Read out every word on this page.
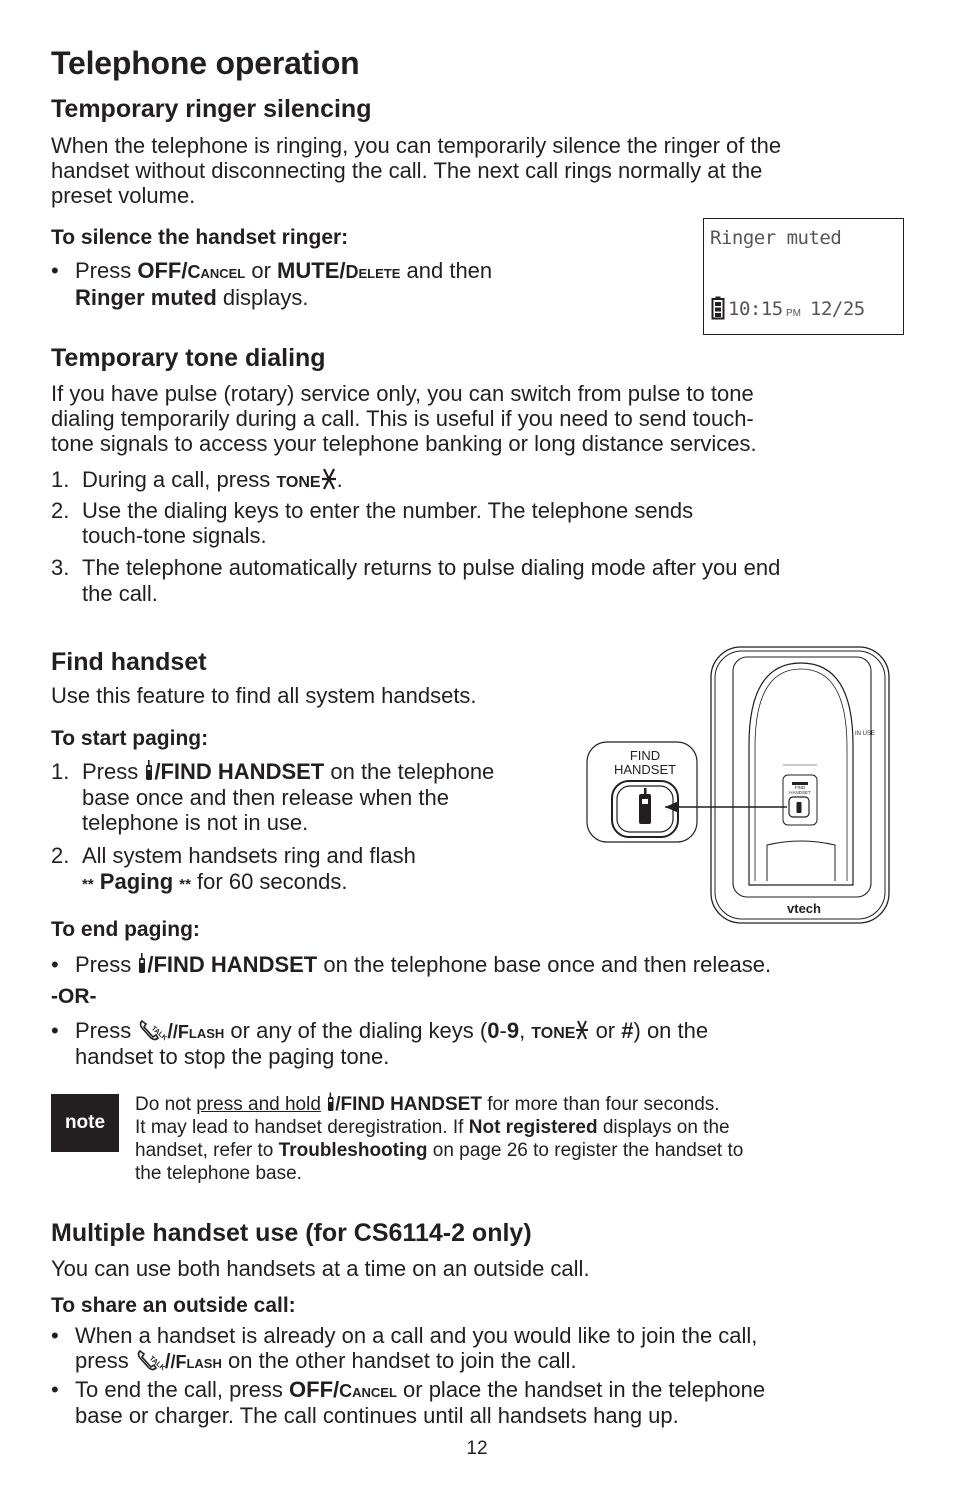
Telephone operation
Temporary ringer silencing
When the telephone is ringing, you can temporarily silence the ringer of the
handset without disconnecting the call. The next call rings normally at the
preset volume.
To silence the handset ringer:
• Press OFF/Cancel or MUTE/Delete and then
Ringer muted displays.
Ringer muted
10:15 PM 12/25
Temporary tone dialing
If you have pulse (rotary) service only, you can switch from pulse to tone
dialing temporarily during a call. This is useful if you need to send touch-
tone signals to access your telephone banking or long distance services.
1. During a call, press TONE .
2. Use the dialing keys to enter the number. The telephone sends
touch-tone signals.
3. The telephone automatically returns to pulse dialing mode after you end
the call.
Find handset
Use this feature to find all system handsets.
To start paging:
1. Press /FIND HANDSET on the telephone
base once and then release when the
telephone is not in use.
2. All system handsets ring and flash
** Paging ** for 60 seconds.
IN USE
FIND
HANDSET
vtech
FIND
HANDSET
To end paging:
• Press /FIND HANDSET on the telephone base once and then release.
-OR-
• Press TALK
//Flash or any of the dialing keys (0-9, TONE or #) on the
handset to stop the paging tone.
note
Do not press and hold /FIND HANDSET for more than four seconds.
It may lead to handset deregistration. If Not registered displays on the
handset, refer to Troubleshooting on page 26 to register the handset to
the telephone base.
Multiple handset use (for CS6114-2 only)
You can use both handsets at a time on an outside call.
To share an outside call:
• When a handset is already on a call and you would like to join the call,
press TALK
//Flash on the other handset to join the call.
• To end the call, press OFF/Cancel or place the handset in the telephone
base or charger. The call continues until all handsets hang up.
12
